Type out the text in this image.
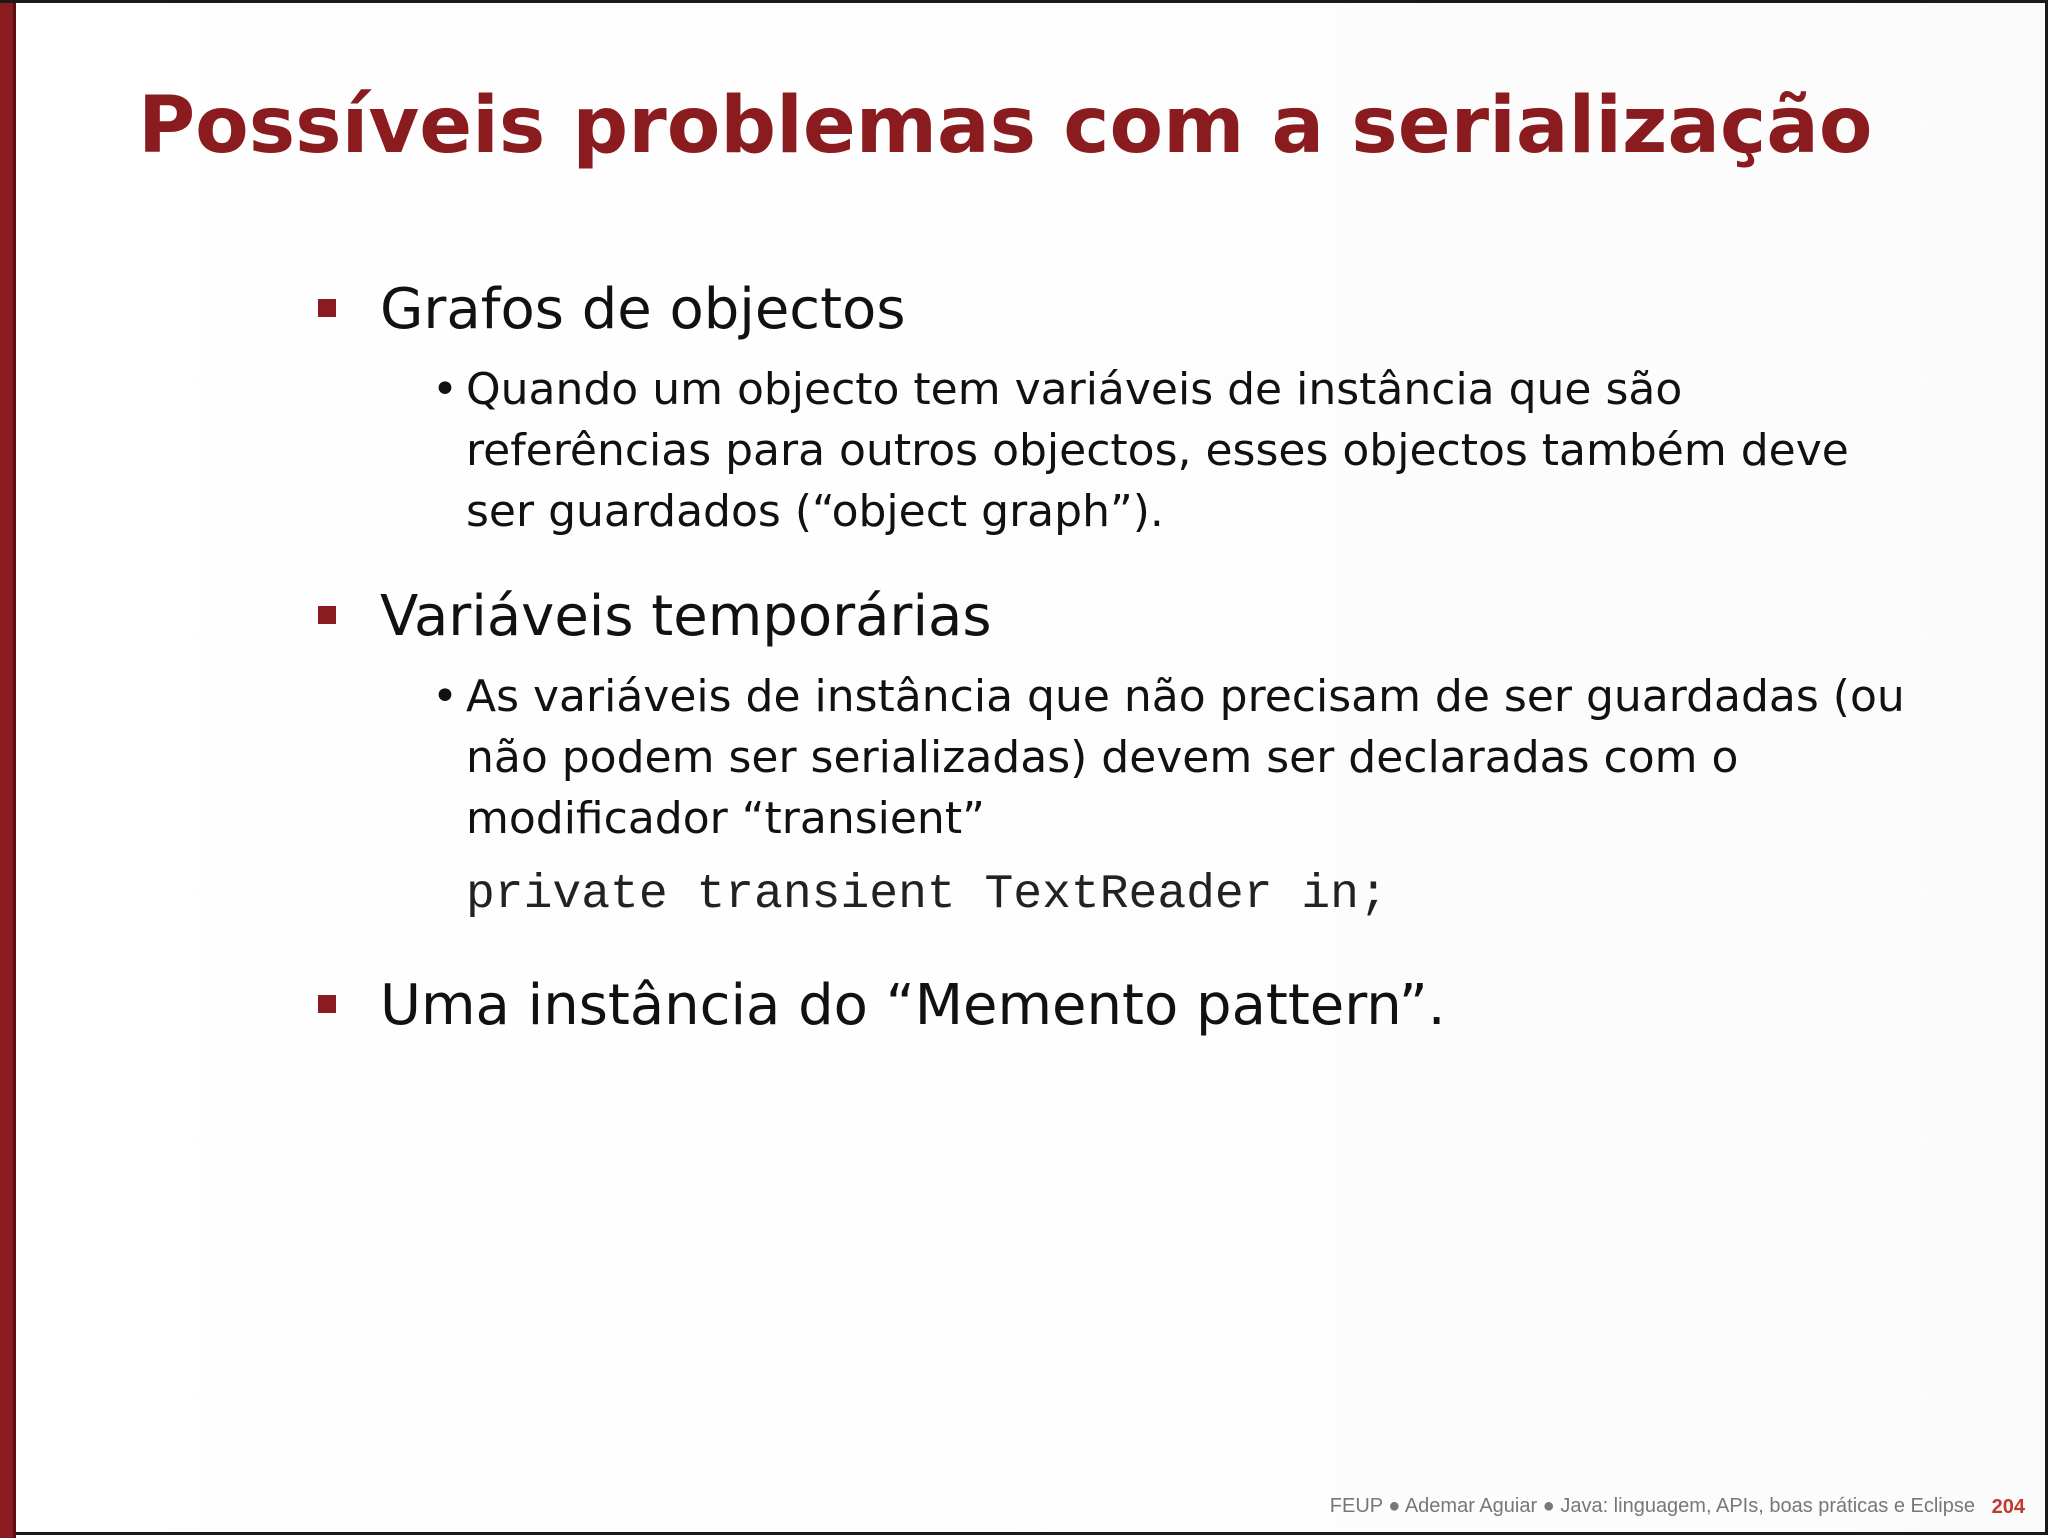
Possíveis problemas com a serialização
Grafos de objectos
• Quando um objecto tem variáveis de instância que são referências para outros objectos, esses objectos também deve ser guardados (“object graph”).
Variáveis temporárias
• As variáveis de instância que não precisam de ser guardadas (ou não podem ser serializadas) devem ser declaradas com o modificador “transient”
private transient TextReader in;
Uma instância do “Memento pattern”.
FEUP ● Ademar Aguiar ● Java: linguagem, APIs, boas práticas e Eclipse 204
